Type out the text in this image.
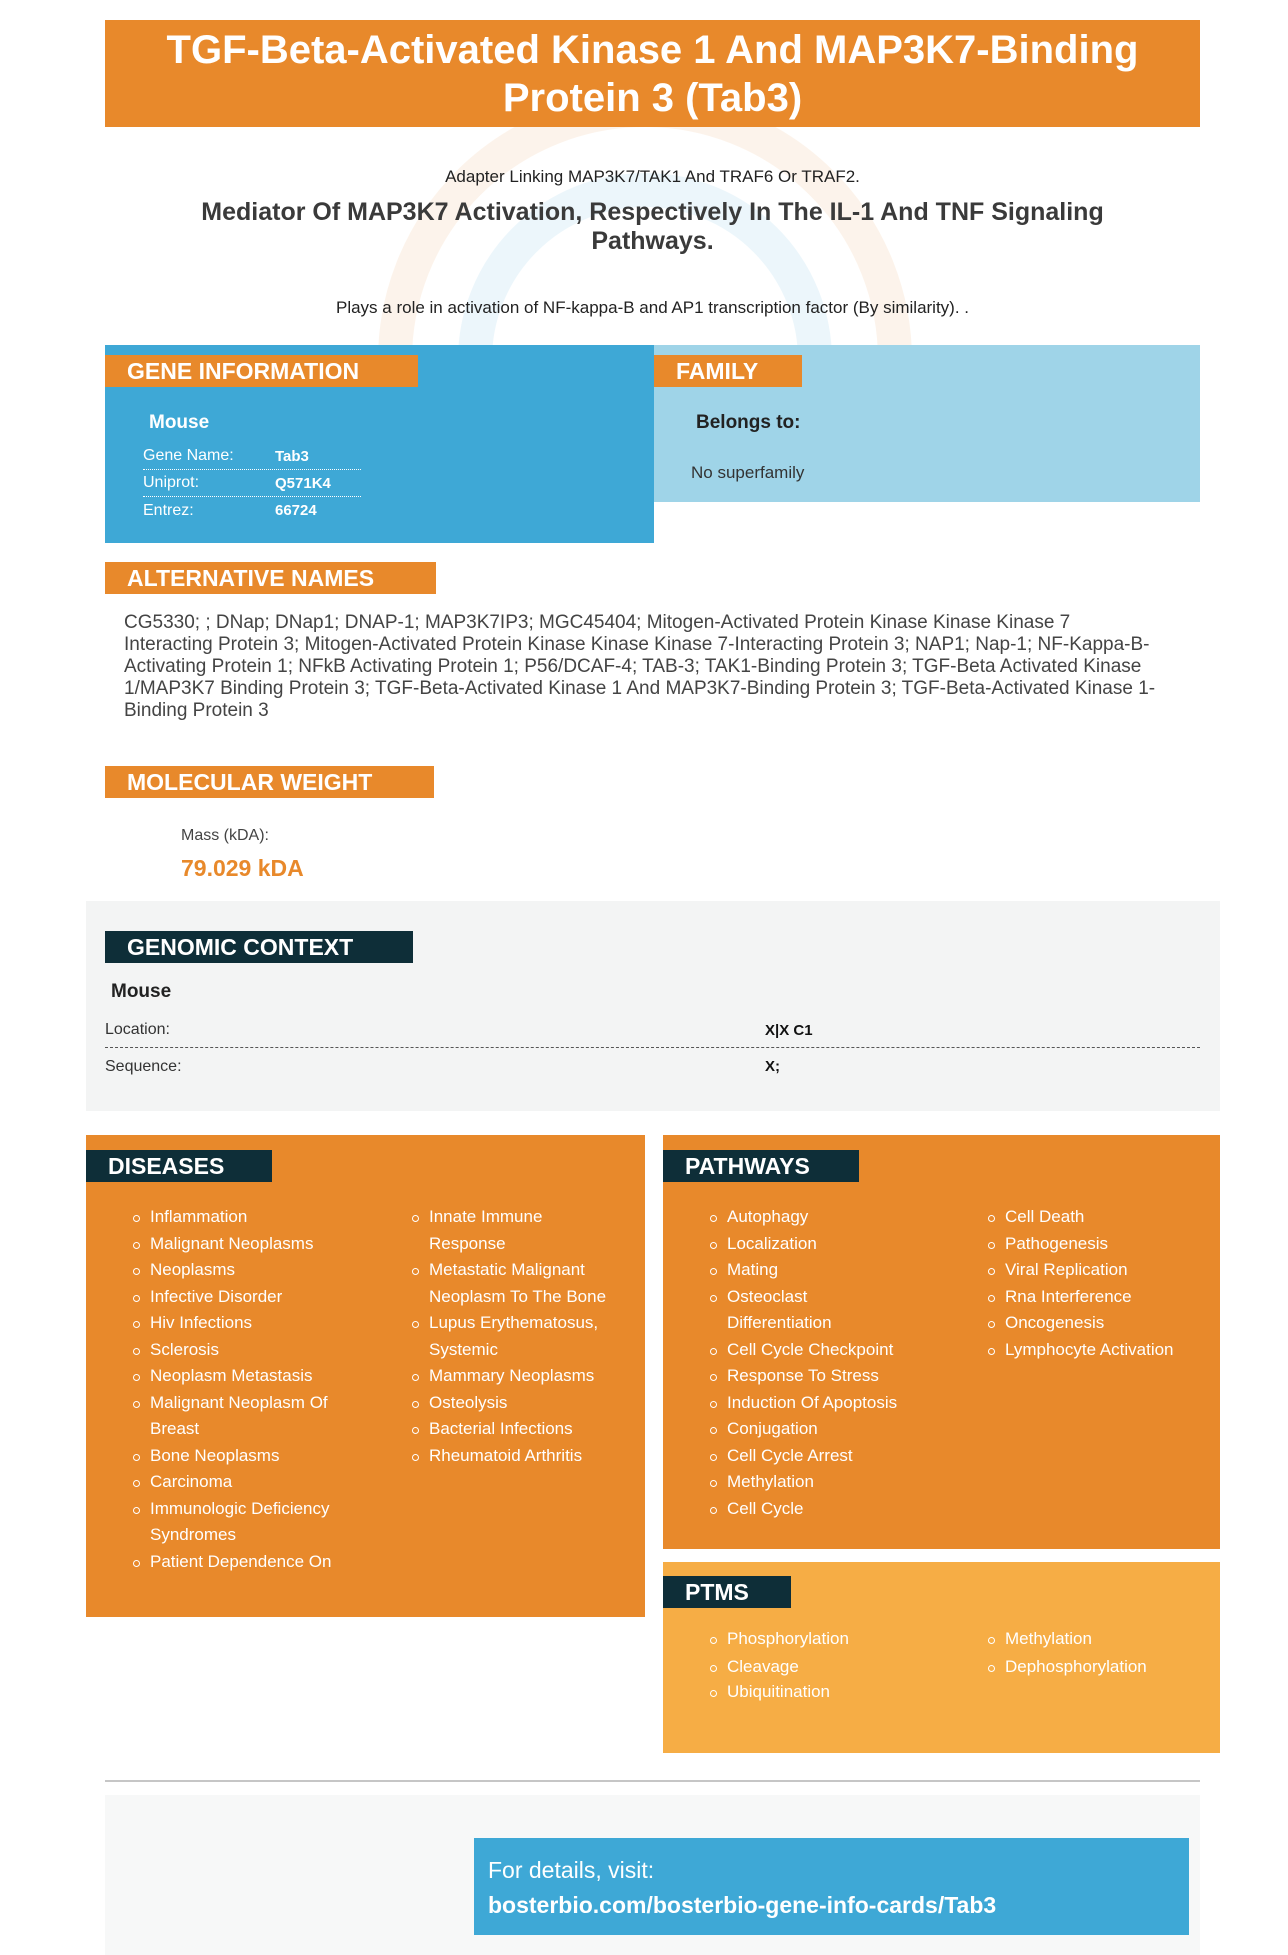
TGF-Beta-Activated Kinase 1 And MAP3K7-Binding Protein 3 (Tab3)
Adapter Linking MAP3K7/TAK1 And TRAF6 Or TRAF2.
Mediator Of MAP3K7 Activation, Respectively In The IL-1 And TNF Signaling Pathways.
Plays a role in activation of NF-kappa-B and AP1 transcription factor (By similarity). .
GENE INFORMATION
Mouse
Gene Name:	Tab3
Uniprot:	Q571K4
Entrez:	66724
FAMILY
Belongs to:
No superfamily
ALTERNATIVE NAMES
CG5330; ; DNap; DNap1; DNAP-1; MAP3K7IP3; MGC45404; Mitogen-Activated Protein Kinase Kinase Kinase 7 Interacting Protein 3; Mitogen-Activated Protein Kinase Kinase Kinase 7-Interacting Protein 3; NAP1; Nap-1; NF-Kappa-B-Activating Protein 1; NFkB Activating Protein 1; P56/DCAF-4; TAB-3; TAK1-Binding Protein 3; TGF-Beta Activated Kinase 1/MAP3K7 Binding Protein 3; TGF-Beta-Activated Kinase 1 And MAP3K7-Binding Protein 3; TGF-Beta-Activated Kinase 1-Binding Protein 3
MOLECULAR WEIGHT
Mass (kDA):
79.029 kDA
GENOMIC CONTEXT
Mouse
Location:	X|X C1
Sequence:	X;
Inflammation
Malignant Neoplasms
Neoplasms
Infective Disorder
Hiv Infections
Sclerosis
Neoplasm Metastasis
Malignant Neoplasm Of Breast
Bone Neoplasms
Carcinoma
Immunologic Deficiency Syndromes
Patient Dependence On
Innate Immune Response
Metastatic Malignant Neoplasm To The Bone
Lupus Erythematosus, Systemic
Mammary Neoplasms
Osteolysis
Bacterial Infections
Rheumatoid Arthritis
DISEASES
Autophagy
Localization
Mating
Osteoclast Differentiation
Cell Cycle Checkpoint
Response To Stress
Induction Of Apoptosis
Conjugation
Cell Cycle Arrest
Methylation
Cell Cycle
Cell Death
Pathogenesis
Viral Replication
Rna Interference
Oncogenesis
Lymphocyte Activation
PATHWAYS
Phosphorylation
Cleavage
Methylation
Dephosphorylation
Ubiquitination
PTMS
For details, visit:
bosterbio.com/bosterbio-gene-info-cards/Tab3
